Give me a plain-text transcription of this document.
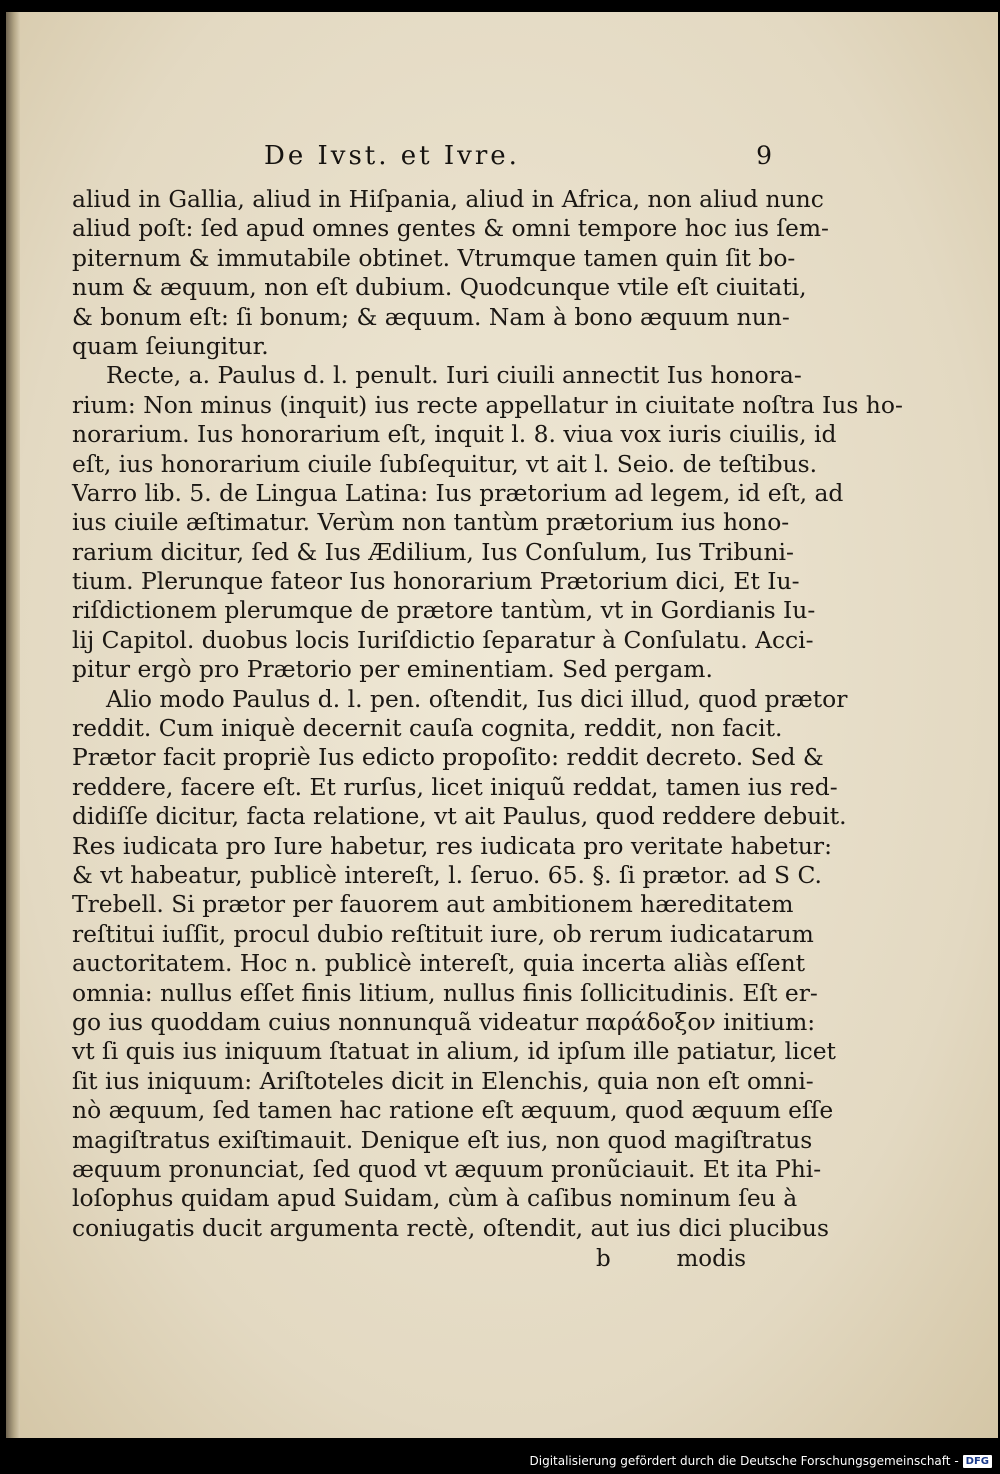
De Ivst. et Ivre.	9
aliud in Gallia, aliud in Hiſpania, aliud in Africa, non aliud nunc
aliud poſt: ſed apud omnes gentes & omni tempore hoc ius ſem-
piternum & immutabile obtinet. Vtrumque tamen quin ſit bo-
num & æquum, non eſt dubium. Quodcunque vtile eſt ciuitati,
& bonum eſt: ſi bonum; & æquum. Nam à bono æquum nun-
quam ſeiungitur.
Recte, a. Paulus d. l. penult. Iuri ciuili annectit Ius honora-
rium: Non minus (inquit) ius recte appellatur in ciuitate noſtra Ius ho-
norarium. Ius honorarium eſt, inquit l. 8. viua vox iuris ciuilis, id
eſt, ius honorarium ciuile ſubſequitur, vt ait l. Seio. de teſtibus.
Varro lib. 5. de Lingua Latina: Ius prætorium ad legem, id eſt, ad
ius ciuile æſtimatur. Verùm non tantùm prætorium ius hono-
rarium dicitur, ſed & Ius Ædilium, Ius Conſulum, Ius Tribuni-
tium. Plerunque fateor Ius honorarium Prætorium dici, Et Iu-
riſdictionem plerumque de prætore tantùm, vt in Gordianis Iu-
lij Capitol. duobus locis Iuriſdictio ſeparatur à Conſulatu. Acci-
pitur ergò pro Prætorio per eminentiam. Sed pergam.
Alio modo Paulus d. l. pen. oſtendit, Ius dici illud, quod prætor
reddit. Cum iniquè decernit cauſa cognita, reddit, non facit.
Prætor facit propriè Ius edicto propoſito: reddit decreto. Sed &
reddere, facere eſt. Et rurſus, licet iniquũ reddat, tamen ius red-
didiſſe dicitur, facta relatione, vt ait Paulus, quod reddere debuit.
Res iudicata pro Iure habetur, res iudicata pro veritate habetur:
& vt habeatur, publicè intereſt, l. ſeruo. 65. §. ſi prætor. ad S C.
Trebell. Si prætor per fauorem aut ambitionem hæreditatem
reſtitui iuſſit, procul dubio reſtituit iure, ob rerum iudicatarum
auctoritatem. Hoc n. publicè intereſt, quia incerta aliàs eſſent
omnia: nullus eſſet finis litium, nullus finis ſollicitudinis. Eſt er-
go ius quoddam cuius nonnunquã videatur παράδοξον initium:
vt ſi quis ius iniquum ſtatuat in alium, id ipſum ille patiatur, licet
ſit ius iniquum: Ariſtoteles dicit in Elenchis, quia non eſt omni-
nò æquum, ſed tamen hac ratione eſt æquum, quod æquum eſſe
magiſtratus exiſtimauit. Denique eſt ius, non quod magiſtratus
æquum pronunciat, ſed quod vt æquum pronũciauit. Et ita Phi-
loſophus quidam apud Suidam, cùm à caſibus nominum ſeu à
coniugatis ducit argumenta rectè, oſtendit, aut ius dici plucibus
b	modis
Digitalisierung gefördert durch die Deutsche Forschungsgemeinschaft - DFG
